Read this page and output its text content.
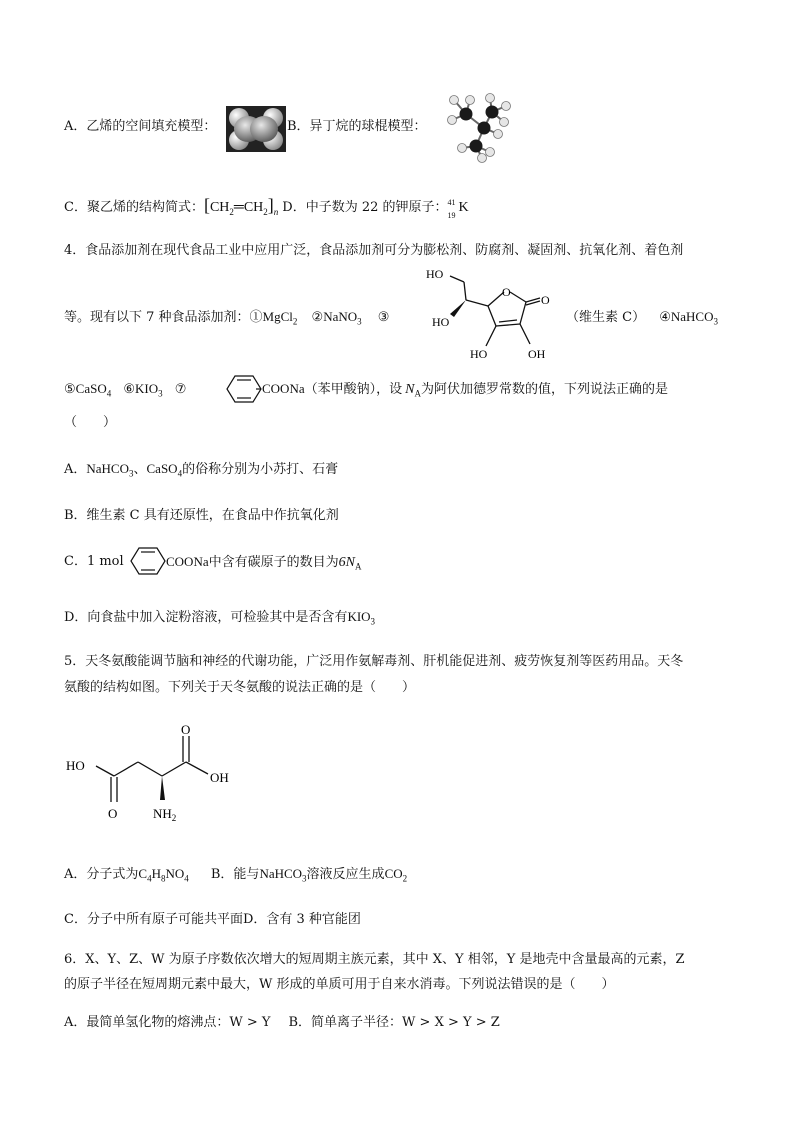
A．乙烯的空间填充模型：	B．异丁烷的球棍模型：
C．聚乙烯的结构简式：$[CH_2═CH_2]_n$ D．中子数为 22 的钾原子： 41
19
K
4．食品添加剂在现代食品工业中应用广泛，食品添加剂可分为膨松剂、防腐剂、凝固剂、抗氧化剂、着色剂
等。现有以下 7 种食品添加剂：①MgCl$_2$ ②NaNO$_3$ ③
HO
O
O
HO
HO	OH
（维生素 C） ④NaHCO$_3$
⑤CaSO$_4$ $⑥KIO_3$ ⑦	COONa（苯甲酸钠），设 $N_A$为阿伏加德罗常数的值，下列说法正确的是
（　　）
A．NaHCO$_3$、CaSO$_4$的俗称分别为小苏打、石膏
B．维生素 C 具有还原性，在食品中作抗氧化剂
C．1 mol	COONa中含有碳原子的数目为$6N_A$
D．向食盐中加入淀粉溶液，可检验其中是否含有$KIO_3$
5．天冬氨酸能调节脑和神经的代谢功能，广泛用作氨解毒剂、肝机能促进剂、疲劳恢复剂等医药用品。天冬
氨酸的结构如图。下列关于天冬氨酸的说法正确的是（　　）
HO
O
O
OH
$NH_2$
A．分子式为$C_4H_8NO_4$ B．能与NaHCO$_3$溶液反应生成$CO_2$
C．分子中所有原子可能共平面D．含有 3 种官能团
6．X、Y、Z、W 为原子序数依次增大的短周期主族元素，其中 X、Y 相邻，Y 是地壳中含量最高的元素，Z
的原子半径在短周期元素中最大，W 形成的单质可用于自来水消毒。下列说法错误的是（　　）
A．最简单氢化物的熔沸点：W > Y B．简单离子半径：W > X > Y > Z
